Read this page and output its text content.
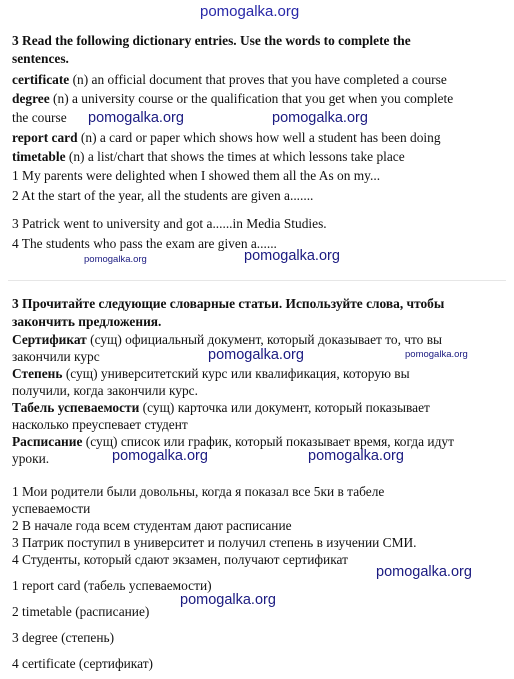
pomogalka.org
3 Read the following dictionary entries. Use the words to complete the
sentences.
certificate (n) an official document that proves that you have completed a course
degree (n) a university course or the qualification that you get when you complete
the course pomogalka.org	pomogalka.org
report card (n) a card or paper which shows how well a student has been doing
timetable (n) a list/chart that shows the times at which lessons take place
1 My parents were delighted when I showed them all the As on my...
2 At the start of the year, all the students are given a.......
3 Patrick went to university and got a......in Media Studies.
4 The students who pass the exam are given a......
pomogalka.org	pomogalka.org
3 Прочитайте следующие словарные статьи. Используйте слова, чтобы
закончить предложения.
Сертификат (сущ) официальный документ, который доказывает то, что вы
закончили курс	pomogalka.org	pomogalka.org
Степень (сущ) университетский курс или квалификация, которую вы
получили, когда закончили курс.
Табель успеваемости (сущ) карточка или документ, который показывает
насколько преуспевает студент
Расписание (сущ) список или график, который показывает время, когда идут
уроки.	pomogalka.org	pomogalka.org
1 Мои родители были довольны, когда я показал все 5ки в табеле
успеваемости
2 В начале года всем студентам дают расписание
3 Патрик поступил в университет и получил степень в изучении СМИ.
4 Студенты, который сдают экзамен, получают сертификат
pomogalka.org
1 report card (табель успеваемости)
pomogalka.org
2 timetable (расписание)
3 degree (степень)
4 certificate (сертификат)
